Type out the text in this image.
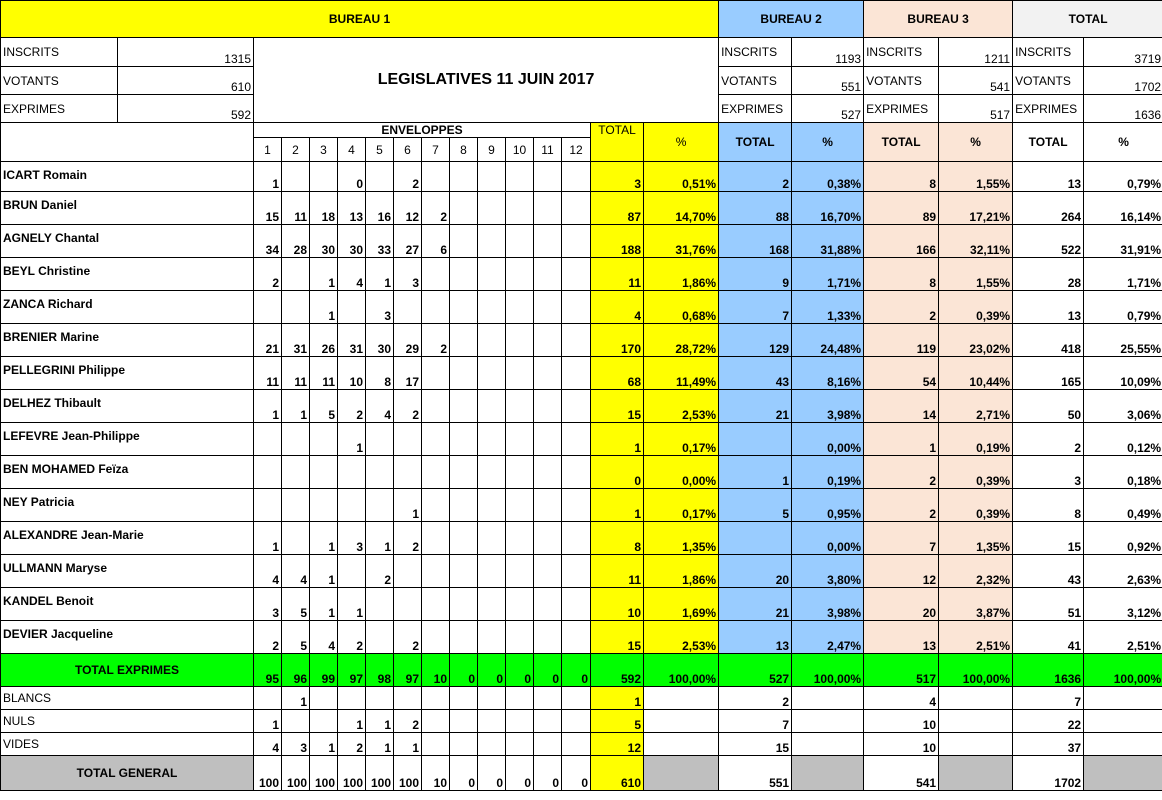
BUREAU 1																BUREAU 2		BUREAU 3		TOTAL	
INSCRITS	1315	LEGISLATIVES 11 JUIN 2017														INSCRITS	1193	INSCRITS	1211	INSCRITS	3719
VOTANTS	610															VOTANTS	551	VOTANTS	541	VOTANTS	1702
EXPRIMES	592															EXPRIMES	527	EXPRIMES	517	EXPRIMES	1636
		ENVELOPPES												TOTAL	%	TOTAL	%	TOTAL	%	TOTAL	%
		1	2	3	4	5	6	7	8	9	10	11	12								
ICART Romain		1			0		2							3	0,51%	2	0,38%	8	1,55%	13	0,79%
BRUN Daniel		15	11	18	13	16	12	2						87	14,70%	88	16,70%	89	17,21%	264	16,14%
AGNELY Chantal		34	28	30	30	33	27	6						188	31,76%	168	31,88%	166	32,11%	522	31,91%
BEYL Christine		2		1	4	1	3							11	1,86%	9	1,71%	8	1,55%	28	1,71%
ZANCA Richard				1		3								4	0,68%	7	1,33%	2	0,39%	13	0,79%
BRENIER Marine		21	31	26	31	30	29	2						170	28,72%	129	24,48%	119	23,02%	418	25,55%
PELLEGRINI Philippe		11	11	11	10	8	17							68	11,49%	43	8,16%	54	10,44%	165	10,09%
DELHEZ Thibault		1	1	5	2	4	2							15	2,53%	21	3,98%	14	2,71%	50	3,06%
LEFEVRE Jean-Philippe					1									1	0,17%		0,00%	1	0,19%	2	0,12%
BEN MOHAMED Feïza														0	0,00%	1	0,19%	2	0,39%	3	0,18%
NEY Patricia							1							1	0,17%	5	0,95%	2	0,39%	8	0,49%
ALEXANDRE Jean-Marie		1		1	3	1	2							8	1,35%		0,00%	7	1,35%	15	0,92%
ULLMANN Maryse		4	4	1		2								11	1,86%	20	3,80%	12	2,32%	43	2,63%
KANDEL Benoit		3	5	1	1									10	1,69%	21	3,98%	20	3,87%	51	3,12%
DEVIER Jacqueline		2	5	4	2		2							15	2,53%	13	2,47%	13	2,51%	41	2,51%
TOTAL EXPRIMES		95	96	99	97	98	97	10	0	0	0	0	0	592	100,00%	527	100,00%	517	100,00%	1636	100,00%
BLANCS			1											1		2		4		7	
NULS		1			1	1	2							5		7		10		22	
VIDES		4	3	1	2	1	1							12		15		10		37	
TOTAL GENERAL		100	100	100	100	100	100	10	0	0	0	0	0	610		551		541		1702	
